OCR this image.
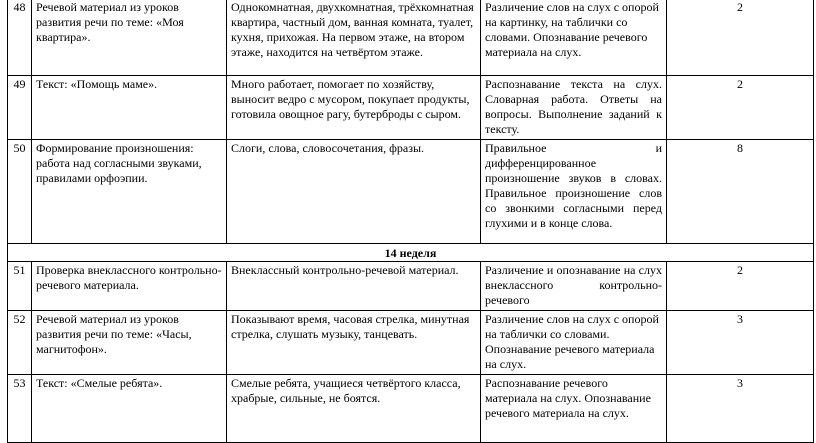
48	Речевой материал из уроков развития речи по теме: «Моя квартира».	Однокомнатная, двухкомнатная, трёхкомнатная квартира, частный дом, ванная комната, туалет, кухня, прихожая. На первом этаже, на втором этаже, находится на четвёртом этаже.	Различение слов на слух с опорой на картинку, на таблички со словами. Опознавание речевого материала на слух.	2
49	Текст: «Помощь маме».	Много работает, помогает по хозяйству, выносит ведро с мусором, покупает продукты, готовила овощное рагу, бутерброды с сыром.	Распознавание текста на слух. Словарная работа. Ответы на вопросы. Выполнение заданий к тексту.	2
50	Формирование произношения: работа над согласными звуками, правилами орфоэпии.	Слоги, слова, словосочетания, фразы.	Правильное и дифференцированное произношение звуков в словах. Правильное произношение слов со звонкими согласными перед глухими и в конце слова.	8
14 неделя				
51	Проверка внеклассного контрольно-речевого материала.	Внеклассный контрольно-речевой материал.	Различение и опознавание на слух внеклассного контрольно-речевого	2
52	Речевой материал из уроков развития речи по теме: «Часы, магнитофон».	Показывают время, часовая стрелка, минутная стрелка, слушать музыку, танцевать.	Различение слов на слух с опорой на таблички со словами. Опознавание речевого материала на слух.	3
53	Текст: «Смелые ребята».	Смелые ребята, учащиеся четвёртого класса, храбрые, сильные, не боятся.	Распознавание речевого материала на слух. Опознавание речевого материала на слух.	3
